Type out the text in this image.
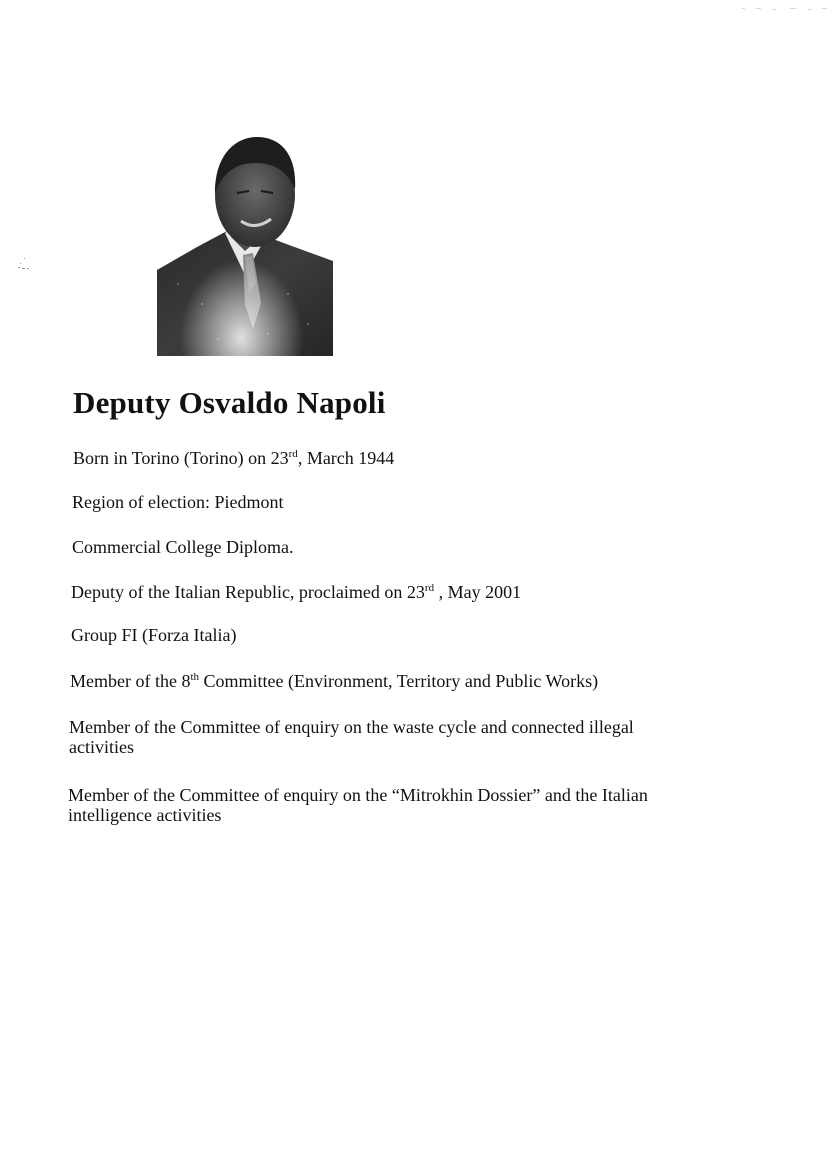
Deputy Osvaldo Napoli

Born in Torino (Torino) on 23rd, March 1944

Region of election: Piedmont

Commercial College Diploma.

Deputy of the Italian Republic, proclaimed on 23rd , May 2001

Group FI (Forza Italia)

Member of the 8th Committee (Environment, Territory and Public Works)

Member of the Committee of enquiry on the waste cycle and connected illegal activities

Member of the Committee of enquiry on the “Mitrokhin Dossier” and the Italian intelligence activities
